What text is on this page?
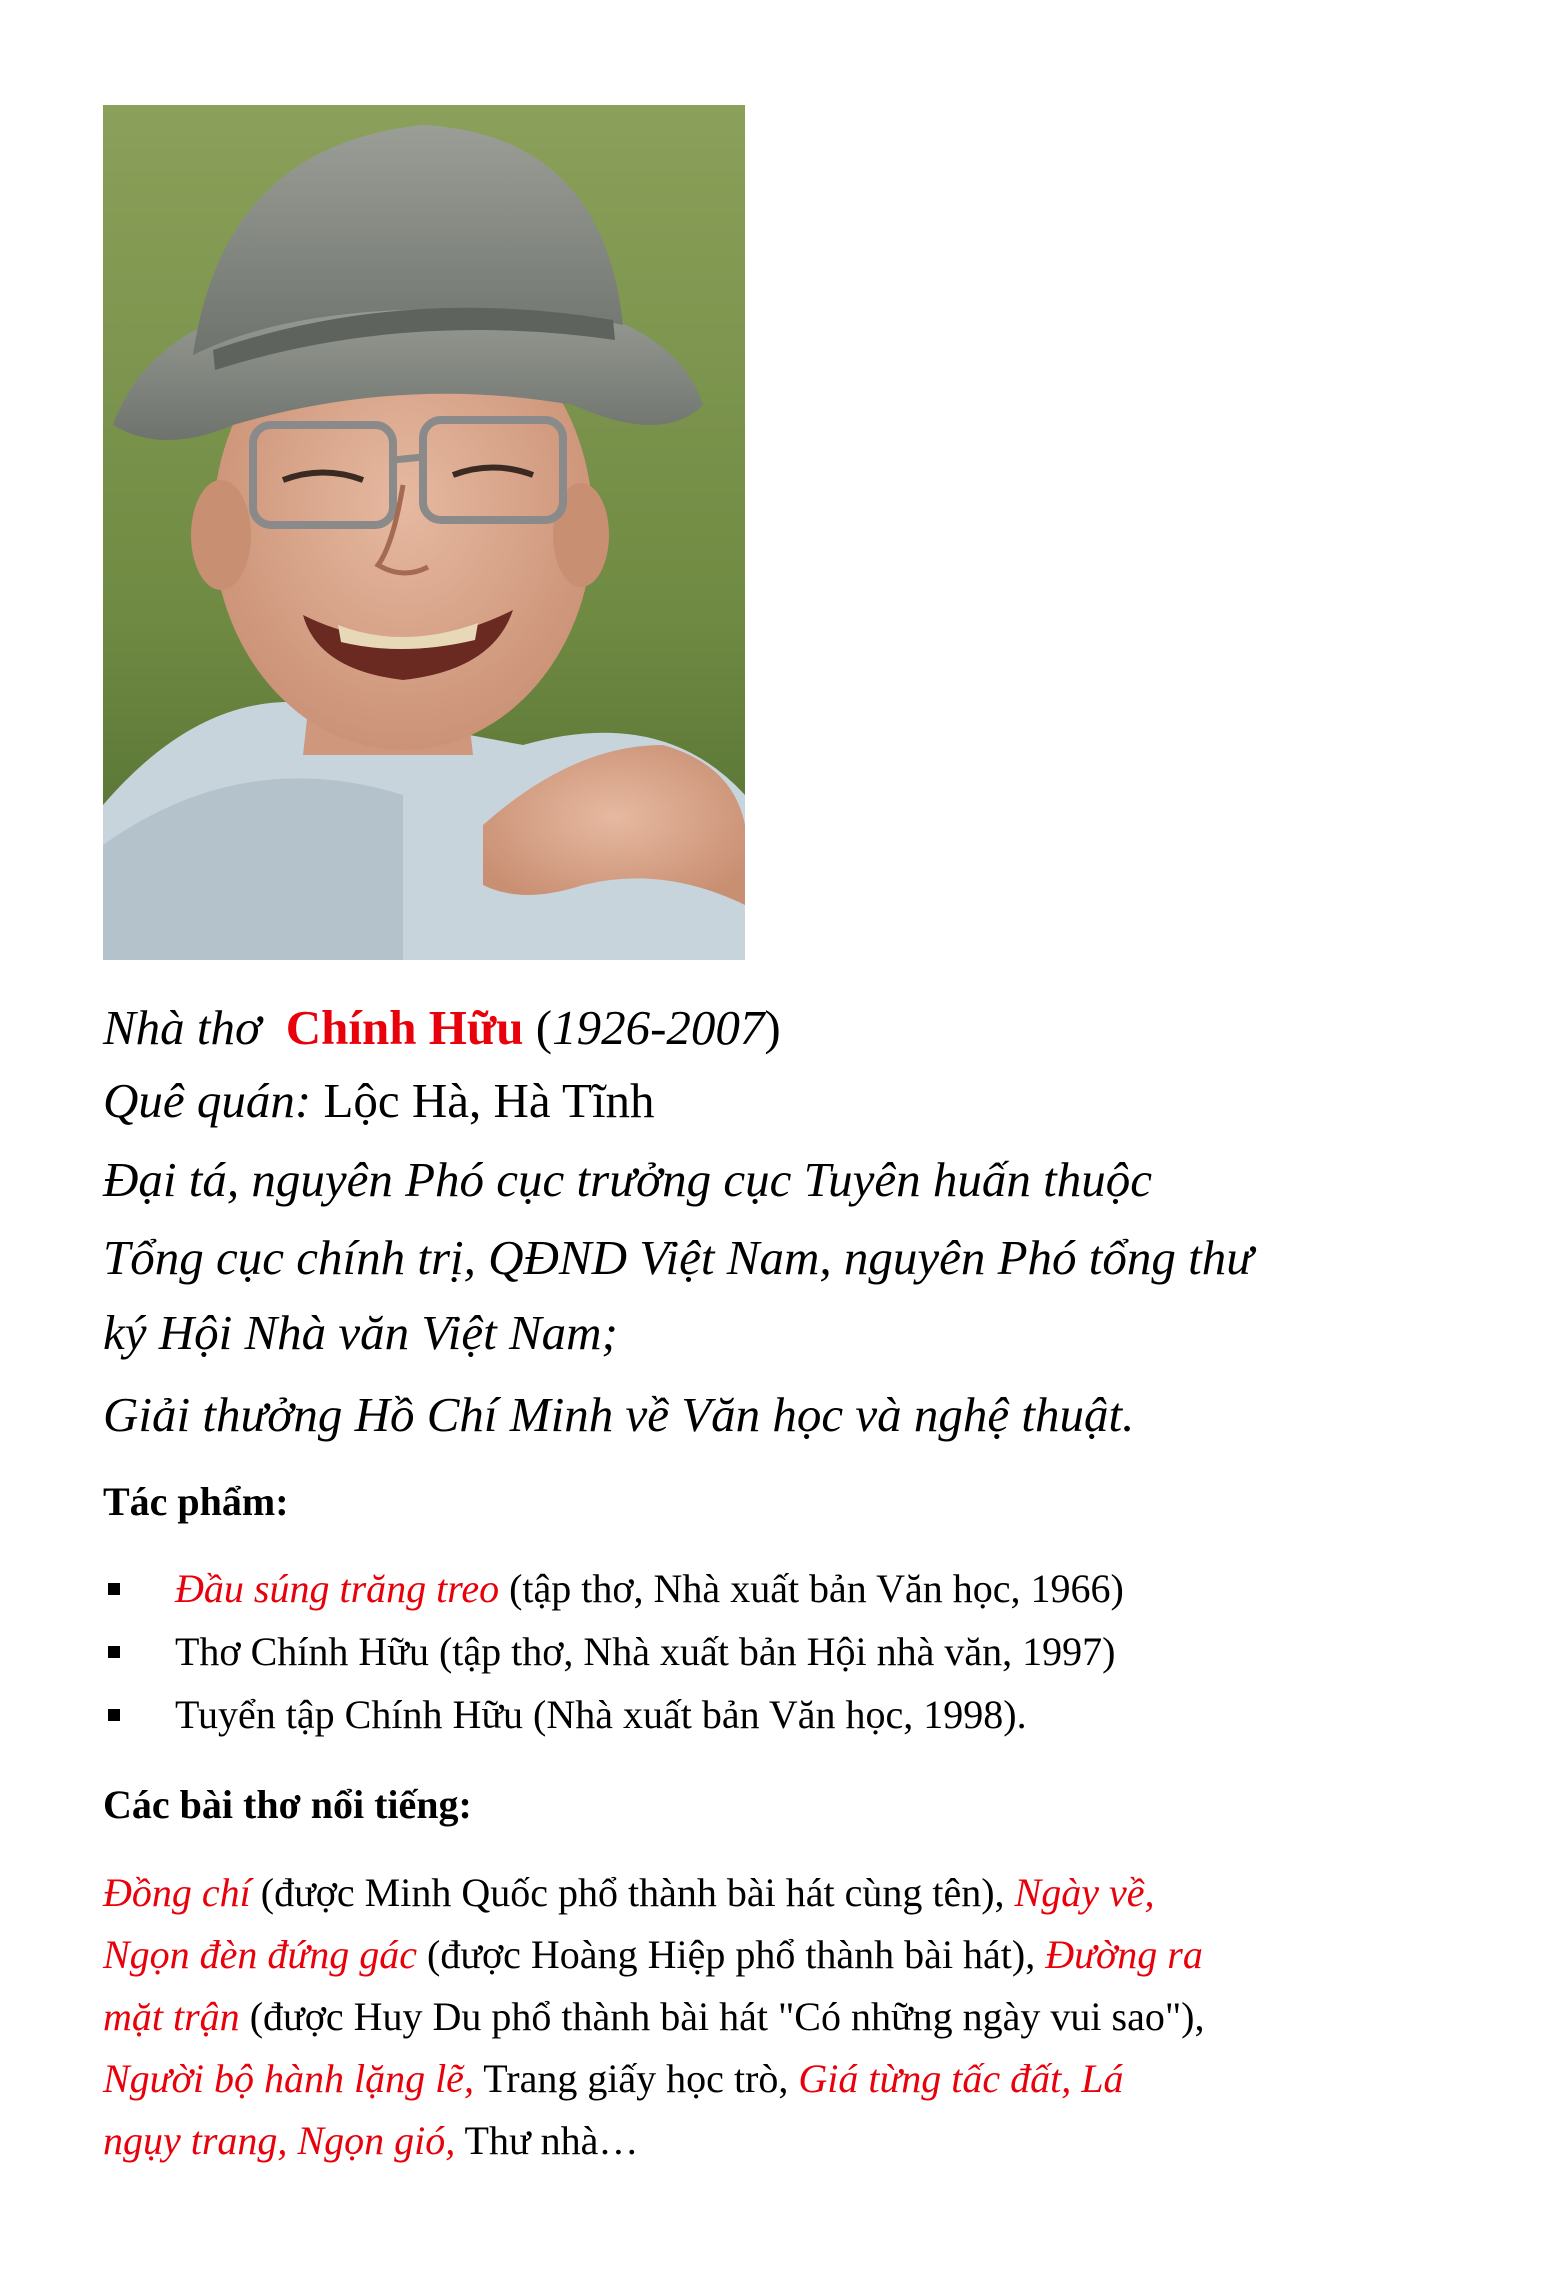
Nhà thơ Chính Hữu (1926-2007)
Quê quán: Lộc Hà, Hà Tĩnh
Đại tá, nguyên Phó cục trưởng cục Tuyên huấn thuộc
Tổng cục chính trị, QĐND Việt Nam, nguyên Phó tổng thư
ký Hội Nhà văn Việt Nam;
Giải thưởng Hồ Chí Minh về Văn học và nghệ thuật.
Tác phẩm:
Đầu súng trăng treo (tập thơ, Nhà xuất bản Văn học, 1966)
Thơ Chính Hữu (tập thơ, Nhà xuất bản Hội nhà văn, 1997)
Tuyển tập Chính Hữu (Nhà xuất bản Văn học, 1998).
Các bài thơ nổi tiếng:
Đồng chí (được Minh Quốc phổ thành bài hát cùng tên), Ngày về,
Ngọn đèn đứng gác (được Hoàng Hiệp phổ thành bài hát), Đường ra
mặt trận (được Huy Du phổ thành bài hát "Có những ngày vui sao"),
Người bộ hành lặng lẽ, Trang giấy học trò, Giá từng tấc đất, Lá
ngụy trang, Ngọn gió, Thư nhà…
